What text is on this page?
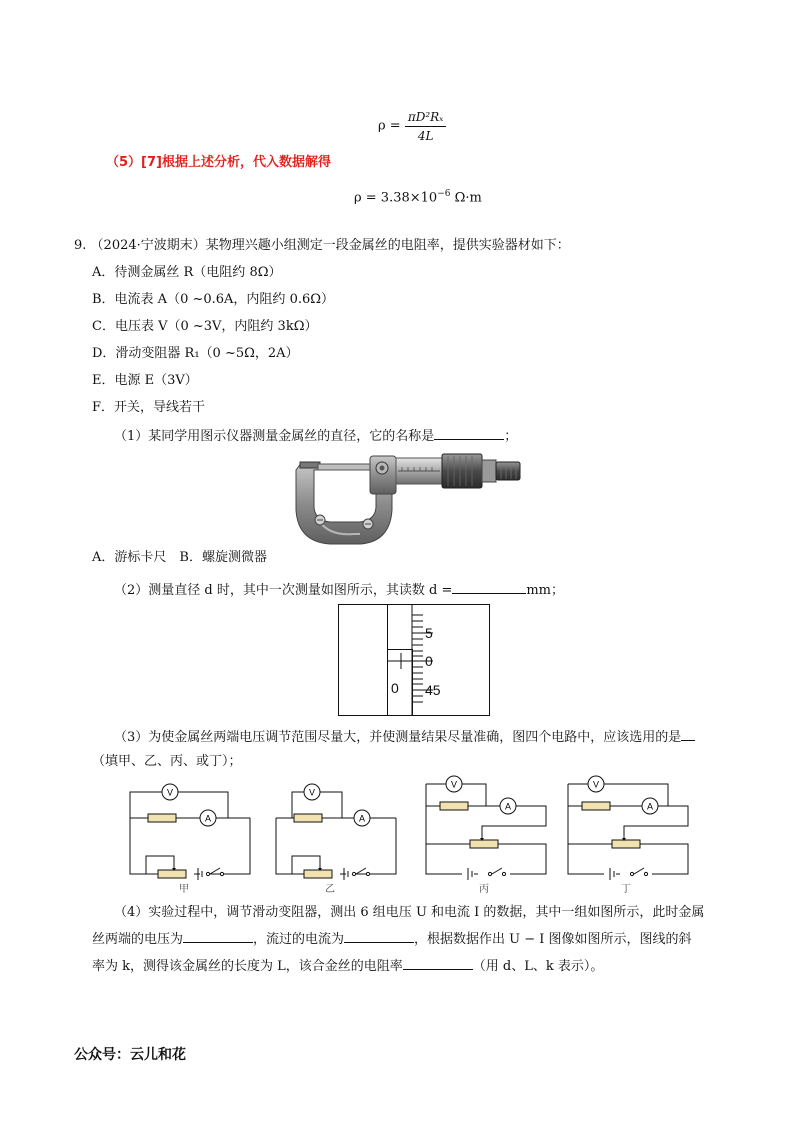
$\rho = \frac{\text{πD²Rₓ}}{4L}$
（5）[7]根据上述分析，代入数据解得
$\rho = 3.38\times 10^{-6}$ Ω·m
9. （2024·宁波期末）某物理兴趣小组测定一段金属丝的电阻率，提供实验器材如下：
A．待测金属丝 R（电阻约 8Ω）
B．电流表 A（0 ~0.6A，内阻约 0.6Ω）
C．电压表 V（0 ~3V，内阻约 3kΩ）
D．滑动变阻器 R₁（0 ~5Ω，2A）
E．电源 E（3V）
F．开关，导线若干
（1）某同学用图示仪器测量金属丝的直径，它的名称是	；
A．游标卡尺　B．螺旋测微器
（2）测量直径 d 时，其中一次测量如图所示，其读数 d =	mm；
5
0
45
0
（3）为使金属丝两端电压调节范围尽量大，并使测量结果尽量准确，图四个电路中，应该选用的是
（填甲、乙、丙、或丁）；
V
A
甲
V
A
乙
V
A
丙
V
A
丁
（4）实验过程中，调节滑动变阻器，测出 6 组电压 U 和电流 I 的数据，其中一组如图所示，此时金属
丝两端的电压为	，流过的电流为	，根据数据作出 U − I 图像如图所示，图线的斜
率为 k，测得该金属丝的长度为 L，该合金丝的电阻率	（用 d、L、k 表示）。
公众号：云儿和花
